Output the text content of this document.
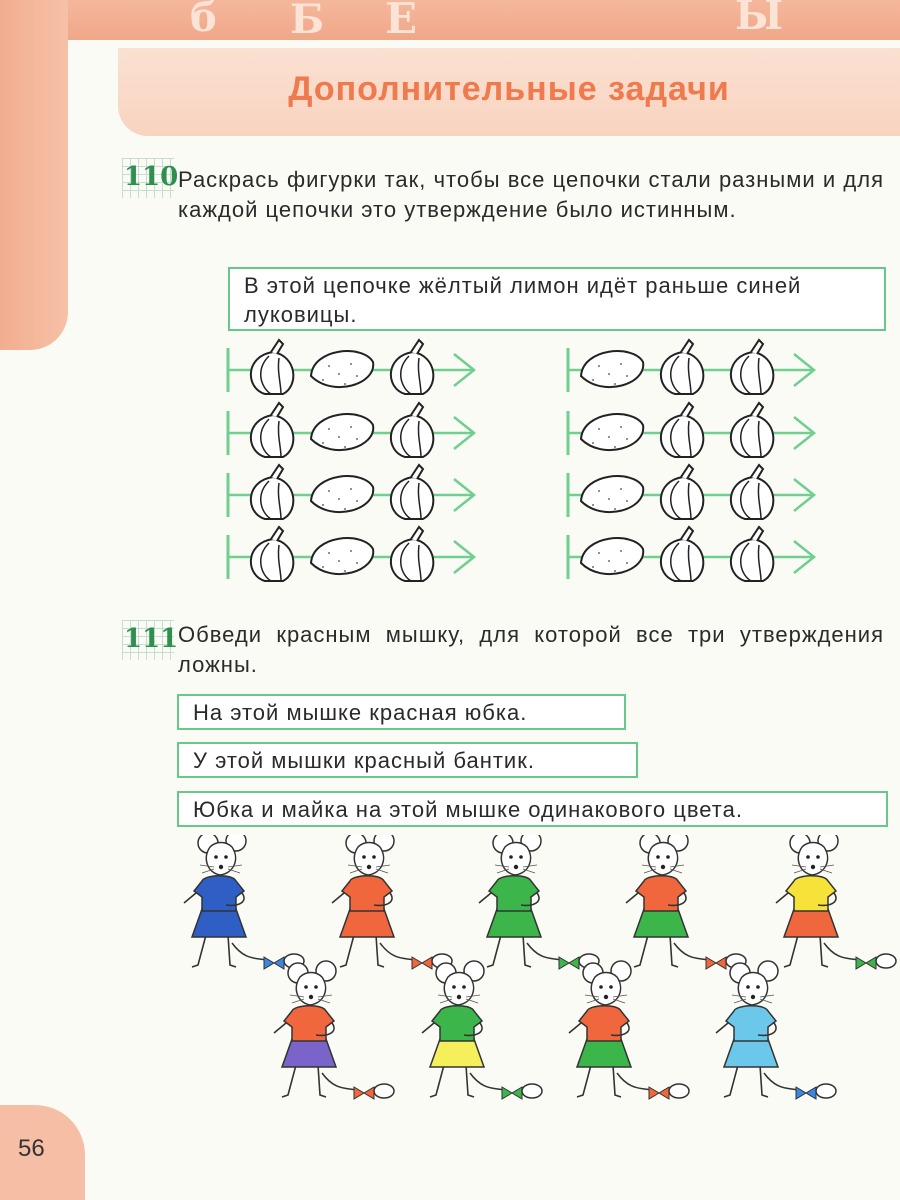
б Б Е	Ы
Дополнительные задачи
110 Раскрась фигурки так, чтобы все цепочки стали разными и для каждой цепочки это утверждение было истинным.
В этой цепочке жёлтый лимон идёт раньше синей луковицы.
111 Обведи красным мышку, для которой все три утверждения ложны.
На этой мышке красная юбка.
У этой мышки красный бантик.
Юбка и майка на этой мышке одинакового цвета.
56
